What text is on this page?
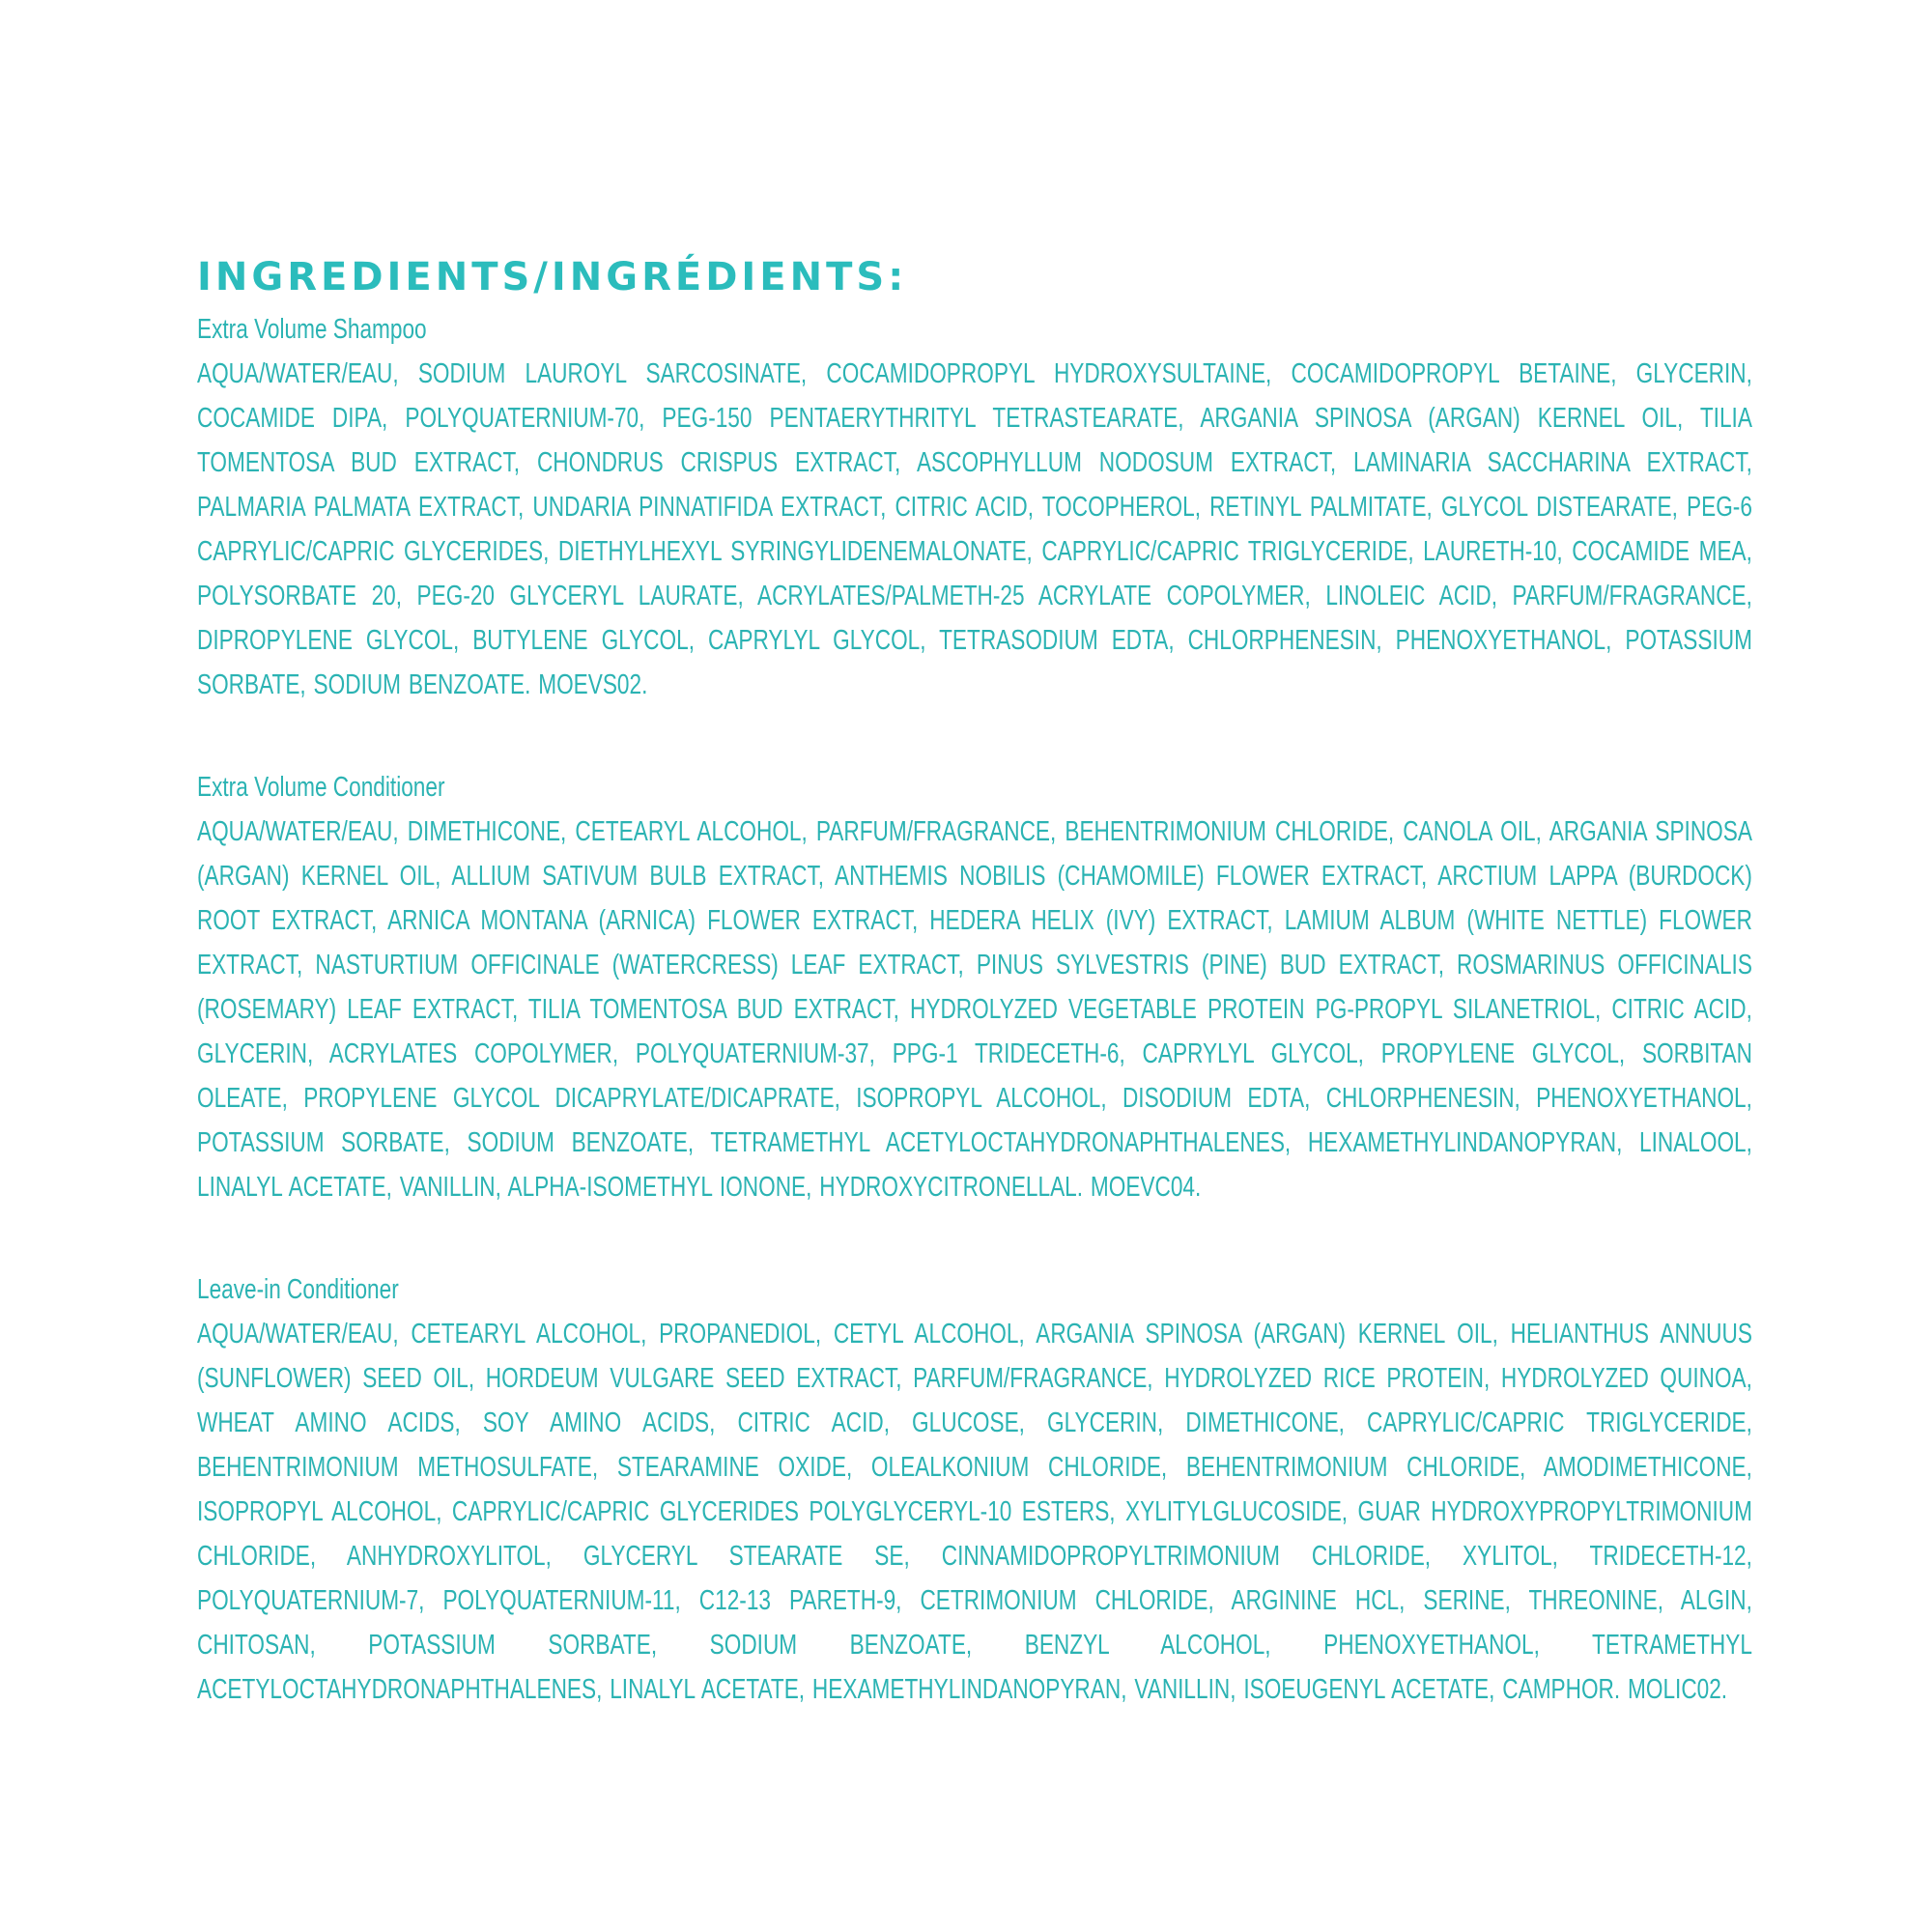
INGREDIENTS/INGRÉDIENTS:
Extra Volume Shampoo

AQUA/WATER/EAU, SODIUM LAUROYL SARCOSINATE, COCAMIDOPROPYL HYDROXYSULTAINE, COCAMIDOPROPYL BETAINE, GLYCERIN, COCAMIDE DIPA, POLYQUATERNIUM-70, PEG-150 PENTAERYTHRITYL TETRASTEARATE, ARGANIA SPINOSA (ARGAN) KERNEL OIL, TILIA TOMENTOSA BUD EXTRACT, CHONDRUS CRISPUS EXTRACT, ASCOPHYLLUM NODOSUM EXTRACT, LAMINARIA SACCHARINA EXTRACT, PALMARIA PALMATA EXTRACT, UNDARIA PINNATIFIDA EXTRACT, CITRIC ACID, TOCOPHEROL, RETINYL PALMITATE, GLYCOL DISTEARATE, PEG-6 CAPRYLIC/CAPRIC GLYCERIDES, DIETHYLHEXYL SYRINGYLIDENEMALONATE, CAPRYLIC/CAPRIC TRIGLYCERIDE, LAURETH-10, COCAMIDE MEA, POLYSORBATE 20, PEG-20 GLYCERYL LAURATE, ACRYLATES/PALMETH-25 ACRYLATE COPOLYMER, LINOLEIC ACID, PARFUM/FRAGRANCE, DIPROPYLENE GLYCOL, BUTYLENE GLYCOL, CAPRYLYL GLYCOL, TETRASODIUM EDTA, CHLORPHENESIN, PHENOXYETHANOL, POTASSIUM SORBATE, SODIUM BENZOATE. MOEVS02.

Extra Volume Conditioner

AQUA/WATER/EAU, DIMETHICONE, CETEARYL ALCOHOL, PARFUM/FRAGRANCE, BEHENTRIMONIUM CHLORIDE, CANOLA OIL, ARGANIA SPINOSA (ARGAN) KERNEL OIL, ALLIUM SATIVUM BULB EXTRACT, ANTHEMIS NOBILIS (CHAMOMILE) FLOWER EXTRACT, ARCTIUM LAPPA (BURDOCK) ROOT EXTRACT, ARNICA MONTANA (ARNICA) FLOWER EXTRACT, HEDERA HELIX (IVY) EXTRACT, LAMIUM ALBUM (WHITE NETTLE) FLOWER EXTRACT, NASTURTIUM OFFICINALE (WATERCRESS) LEAF EXTRACT, PINUS SYLVESTRIS (PINE) BUD EXTRACT, ROSMARINUS OFFICINALIS (ROSEMARY) LEAF EXTRACT, TILIA TOMENTOSA BUD EXTRACT, HYDROLYZED VEGETABLE PROTEIN PG-PROPYL SILANETRIOL, CITRIC ACID, GLYCERIN, ACRYLATES COPOLYMER, POLYQUATERNIUM-37, PPG-1 TRIDECETH-6, CAPRYLYL GLYCOL, PROPYLENE GLYCOL, SORBITAN OLEATE, PROPYLENE GLYCOL DICAPRYLATE/DICAPRATE, ISOPROPYL ALCOHOL, DISODIUM EDTA, CHLORPHENESIN, PHENOXYETHANOL, POTASSIUM SORBATE, SODIUM BENZOATE, TETRAMETHYL ACETYLOCTAHYDRONAPHTHALENES, HEXAMETHYLINDANOPYRAN, LINALOOL, LINALYL ACETATE, VANILLIN, ALPHA-ISOMETHYL IONONE, HYDROXYCITRONELLAL. MOEVC04.

Leave-in Conditioner

AQUA/WATER/EAU, CETEARYL ALCOHOL, PROPANEDIOL, CETYL ALCOHOL, ARGANIA SPINOSA (ARGAN) KERNEL OIL, HELIANTHUS ANNUUS (SUNFLOWER) SEED OIL, HORDEUM VULGARE SEED EXTRACT, PARFUM/FRAGRANCE, HYDROLYZED RICE PROTEIN, HYDROLYZED QUINOA, WHEAT AMINO ACIDS, SOY AMINO ACIDS, CITRIC ACID, GLUCOSE, GLYCERIN, DIMETHICONE, CAPRYLIC/CAPRIC TRIGLYCERIDE, BEHENTRIMONIUM METHOSULFATE, STEARAMINE OXIDE, OLEALKONIUM CHLORIDE, BEHENTRIMONIUM CHLORIDE, AMODIMETHICONE, ISOPROPYL ALCOHOL, CAPRYLIC/CAPRIC GLYCERIDES POLYGLYCERYL-10 ESTERS, XYLITYLGLUCOSIDE, GUAR HYDROXYPROPYLTRIMONIUM CHLORIDE, ANHYDROXYLITOL, GLYCERYL STEARATE SE, CINNAMIDOPROPYLTRIMONIUM CHLORIDE, XYLITOL, TRIDECETH-12, POLYQUATERNIUM-7, POLYQUATERNIUM-11, C12-13 PARETH-9, CETRIMONIUM CHLORIDE, ARGININE HCL, SERINE, THREONINE, ALGIN, CHITOSAN, POTASSIUM SORBATE, SODIUM BENZOATE, BENZYL ALCOHOL, PHENOXYETHANOL, TETRAMETHYL ACETYLOCTAHYDRONAPHTHALENES, LINALYL ACETATE, HEXAMETHYLINDANOPYRAN, VANILLIN, ISOEUGENYL ACETATE, CAMPHOR. MOLIC02.
